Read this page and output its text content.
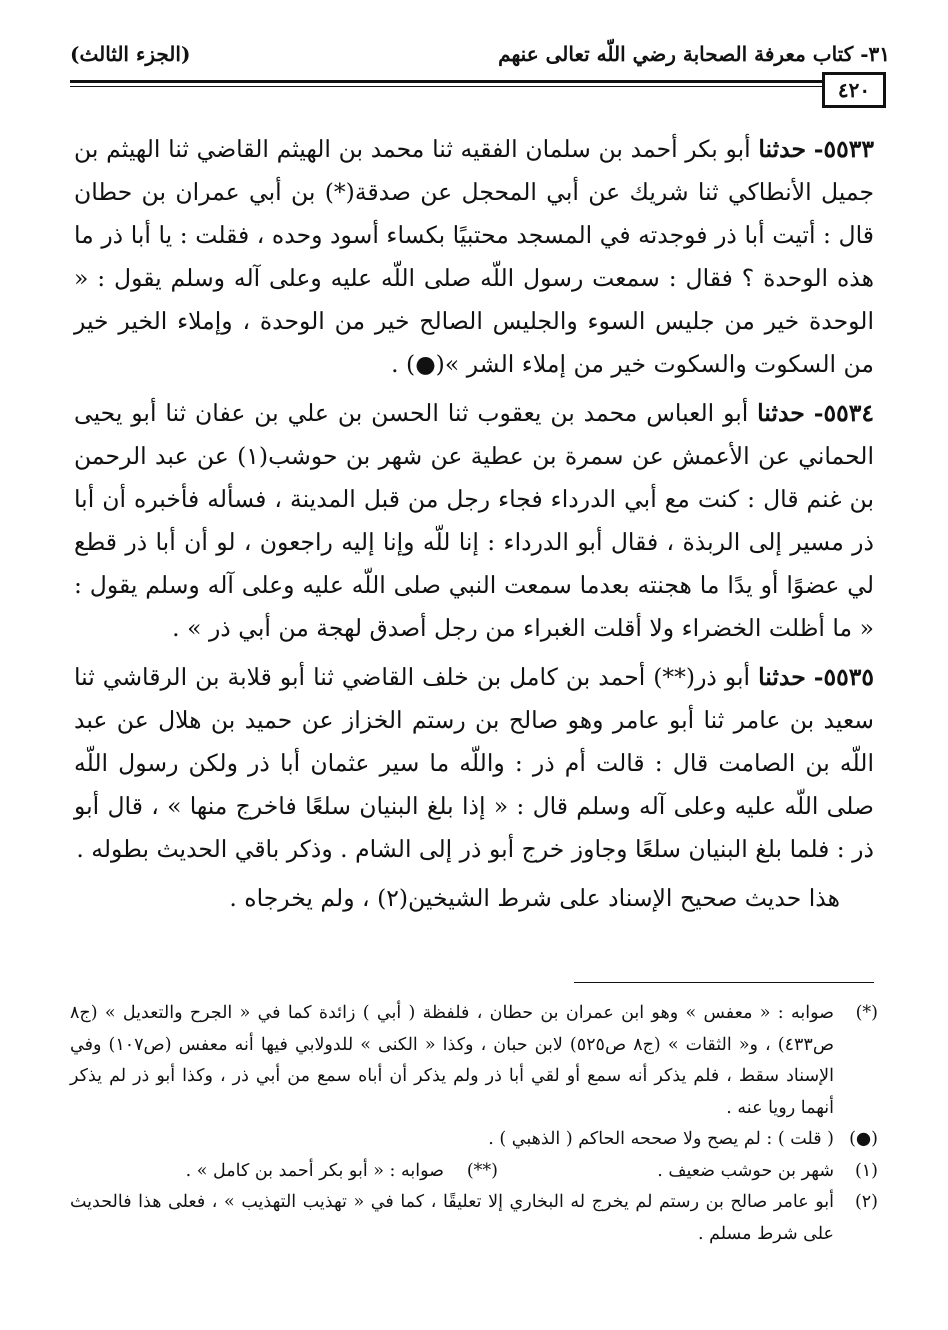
٣١- كتاب معرفة الصحابة رضي اللّه تعالى عنهم
(الجزء الثالث)
٤٢٠

٥٥٣٣- حدثنا أبو بكر أحمد بن سلمان الفقيه ثنا محمد بن الهيثم القاضي ثنا الهيثم بن جميل الأنطاكي ثنا شريك عن أبي المحجل عن صدقة(*) بن أبي عمران بن حطان قال : أتيت أبا ذر فوجدته في المسجد محتبيًا بكساء أسود وحده ، فقلت : يا أبا ذر ما هذه الوحدة ؟ فقال : سمعت رسول اللّه صلى اللّه عليه وعلى آله وسلم يقول : « الوحدة خير من جليس السوء والجليس الصالح خير من الوحدة ، وإملاء الخير خير من السكوت والسكوت خير من إملاء الشر »(●) .

٥٥٣٤- حدثنا أبو العباس محمد بن يعقوب ثنا الحسن بن علي بن عفان ثنا أبو يحيى الحماني عن الأعمش عن سمرة بن عطية عن شهر بن حوشب(١) عن عبد الرحمن بن غنم قال : كنت مع أبي الدرداء فجاء رجل من قبل المدينة ، فسأله فأخبره أن أبا ذر مسير إلى الربذة ، فقال أبو الدرداء : إنا للّه وإنا إليه راجعون ، لو أن أبا ذر قطع لي عضوًا أو يدًا ما هجنته بعدما سمعت النبي صلى اللّه عليه وعلى آله وسلم يقول : « ما أظلت الخضراء ولا أقلت الغبراء من رجل أصدق لهجة من أبي ذر » .

٥٥٣٥- حدثنا أبو ذر(**) أحمد بن كامل بن خلف القاضي ثنا أبو قلابة بن الرقاشي ثنا سعيد بن عامر ثنا أبو عامر وهو صالح بن رستم الخزاز عن حميد بن هلال عن عبد اللّه بن الصامت قال : قالت أم ذر : واللّه ما سير عثمان أبا ذر ولكن رسول اللّه صلى اللّه عليه وعلى آله وسلم قال : « إذا بلغ البنيان سلعًا فاخرج منها » ، قال أبو ذر : فلما بلغ البنيان سلعًا وجاوز خرج أبو ذر إلى الشام . وذكر باقي الحديث بطوله .

هذا حديث صحيح الإسناد على شرط الشيخين(٢) ، ولم يخرجاه .

(*)
صوابه : « معفس » وهو ابن عمران بن حطان ، فلفظة ( أبي ) زائدة كما في « الجرح والتعديل » (ج٨ ص٤٣٣) ، و« الثقات » (ج٨ ص٥٢٥) لابن حبان ، وكذا « الكنى » للدولابي فيها أنه معفس (ص١٠٧) وفي الإسناد سقط ، فلم يذكر أنه سمع أو لقي أبا ذر ولم يذكر أن أباه سمع من أبي ذر ، وكذا أبو ذر لم يذكر أنهما رويا عنه .
(●)
( قلت ) : لم يصح ولا صححه الحاكم ( الذهبي ) .
(١)
شهر بن حوشب ضعيف .
(**)
صوابه : « أبو بكر أحمد بن كامل » .
(٢)
أبو عامر صالح بن رستم لم يخرج له البخاري إلا تعليقًا ، كما في « تهذيب التهذيب » ، فعلى هذا فالحديث على شرط مسلم .
